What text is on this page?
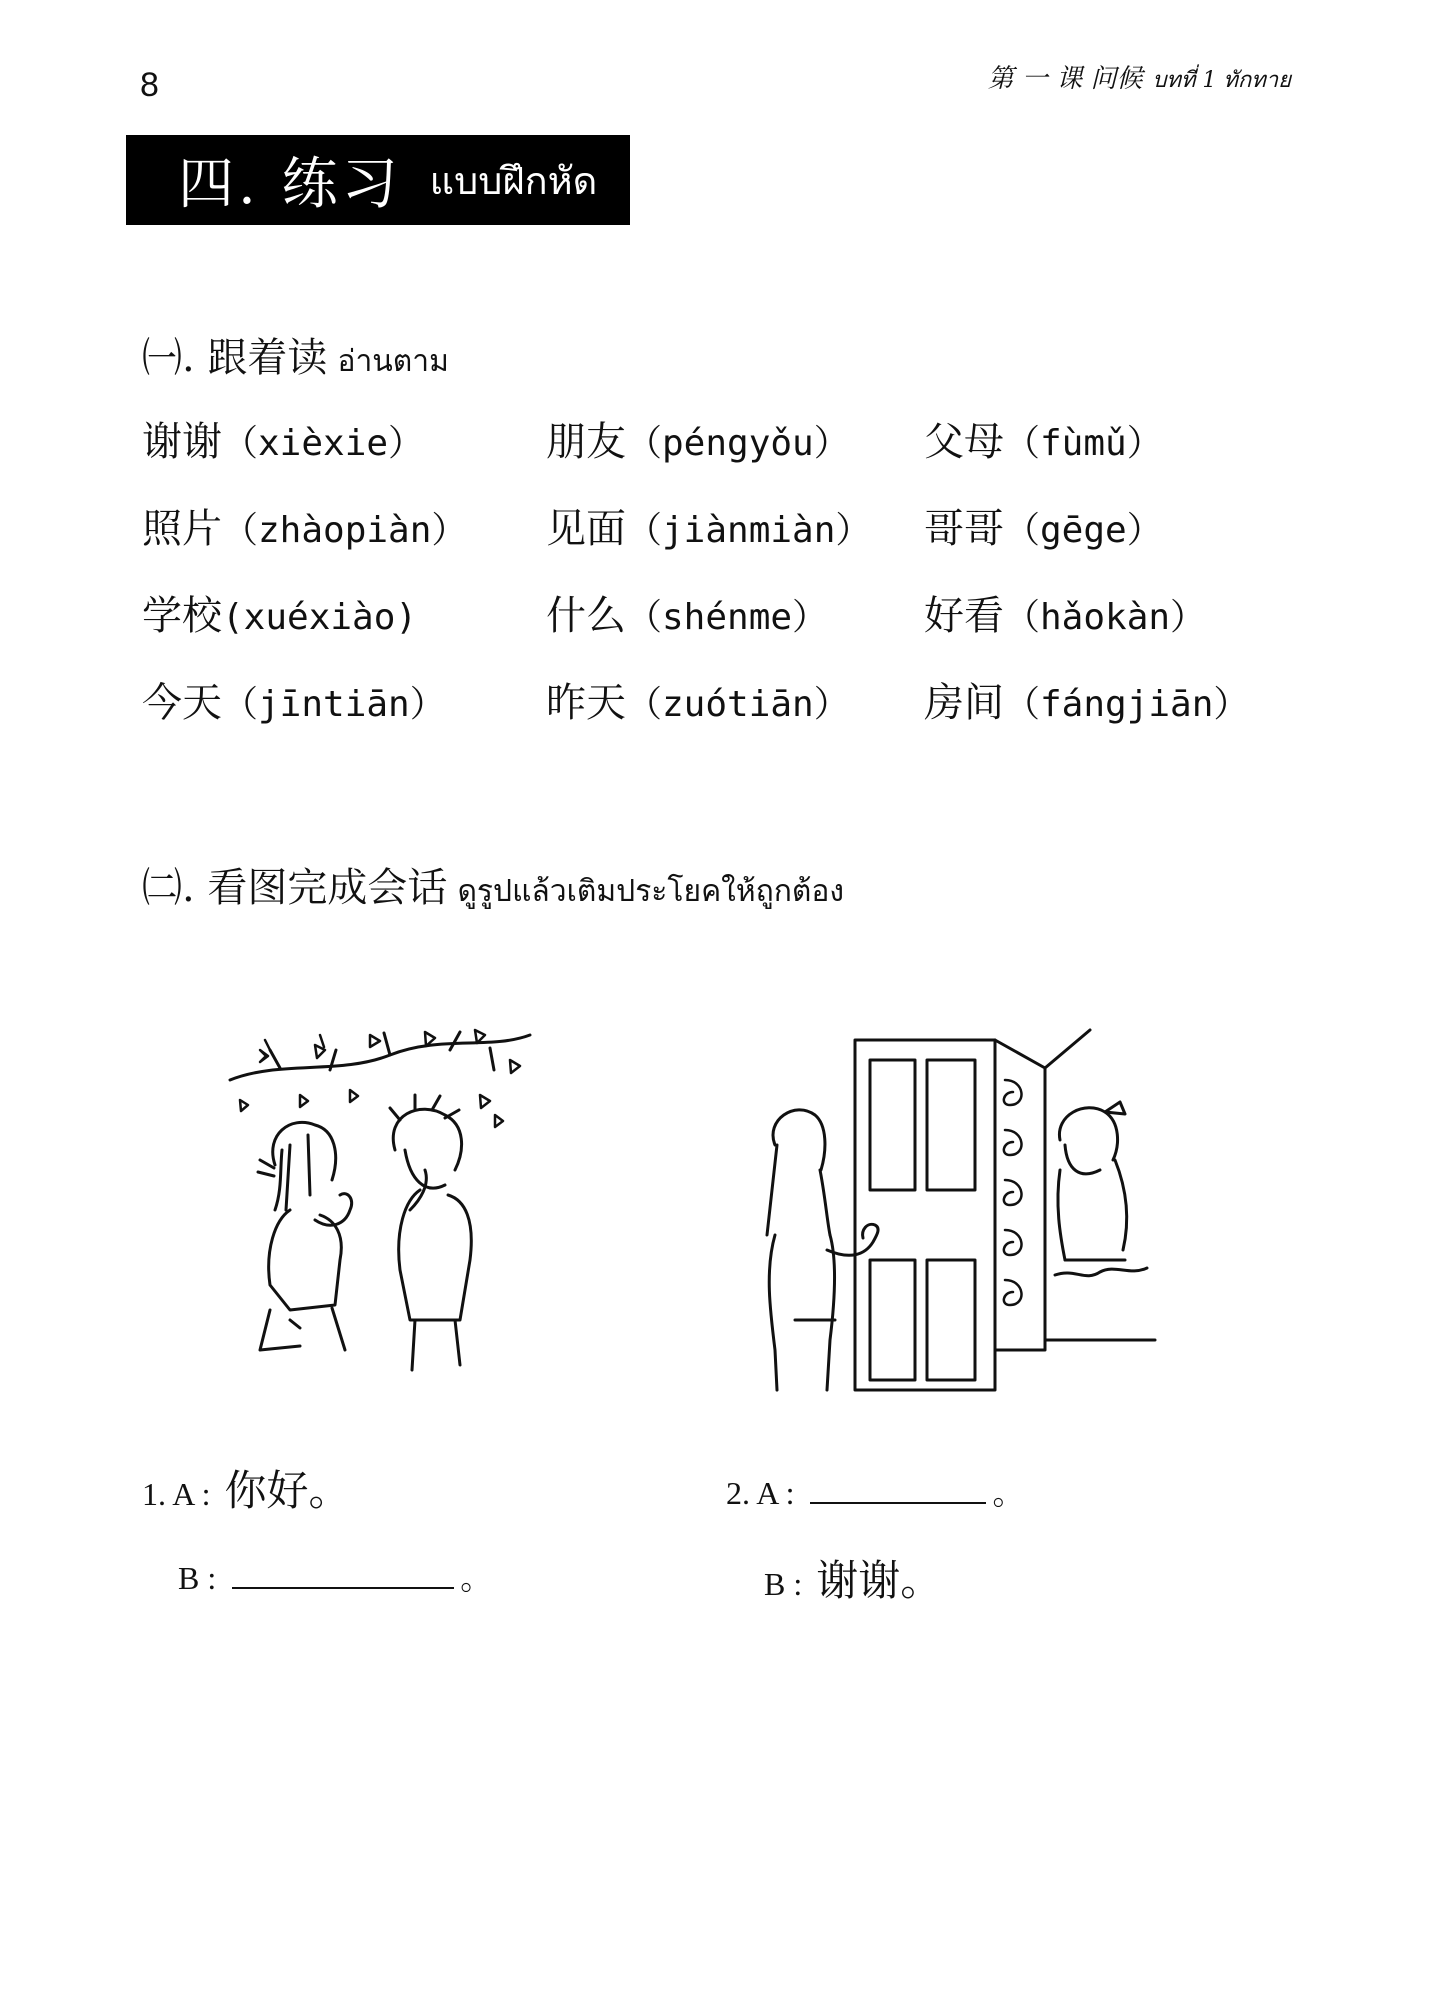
8	第 一 课 问候 บทที่ 1 ทักทาย
四. 练习 แบบฝึกหัด
㈠. 跟着读 อ่านตาม
谢谢（xièxie）	朋友（péngyǒu） 父母（fùmǔ）
照片（zhàopiàn） 见面（jiànmiàn） 哥哥（gēge）
学校(xuéxiào)	什么（shénme） 好看（hǎokàn）
今天（jīntiān）	昨天（zuótiān） 房间（fángjiān）
㈡. 看图完成会话 ดูรูปแล้วเติมประโยคให้ถูกต้อง
1. A : 你好。
B :	。
2. A :	。
B : 谢谢。
